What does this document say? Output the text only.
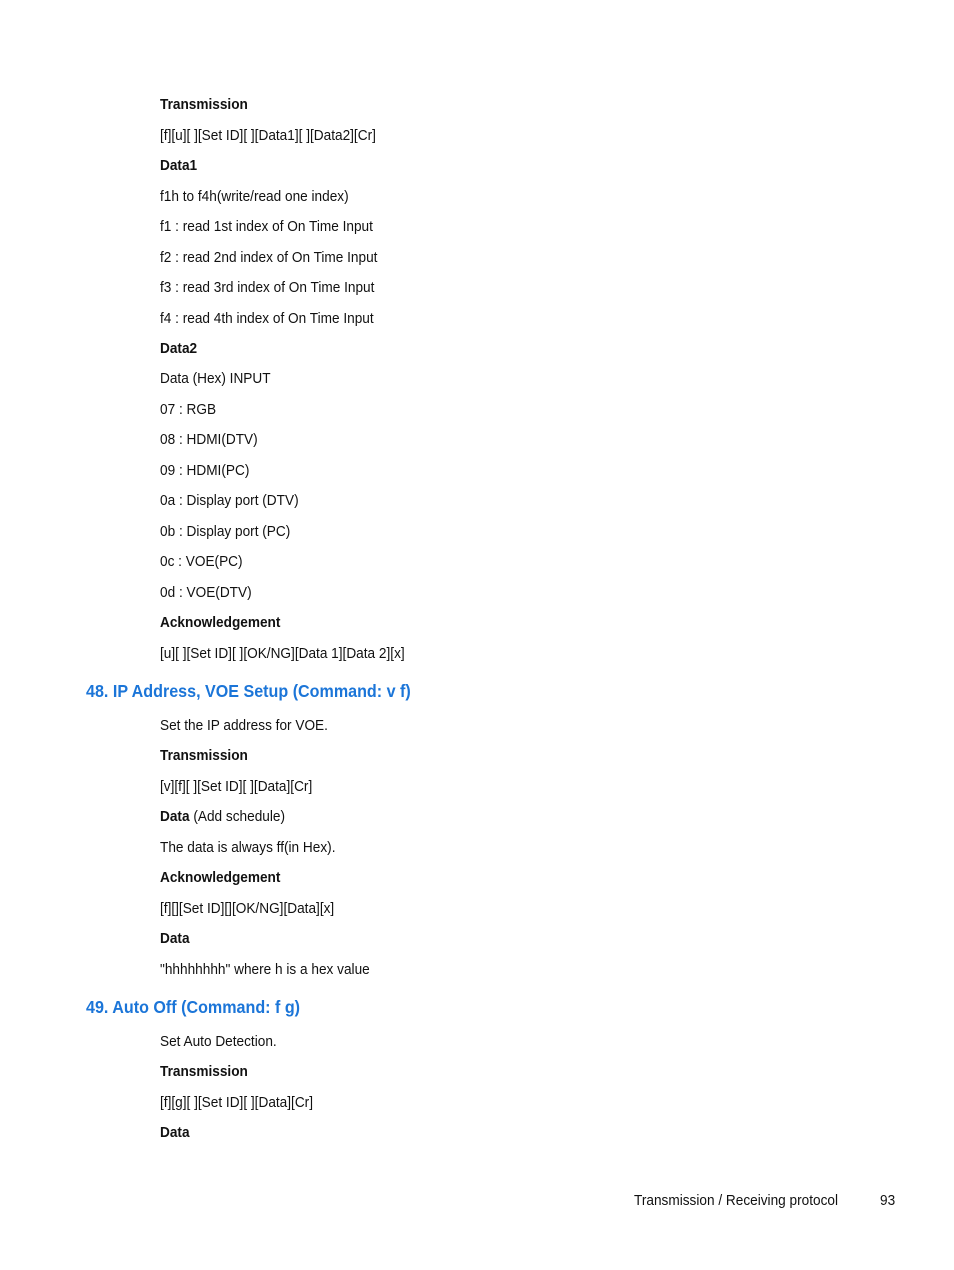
Transmission
[f][u][ ][Set ID][ ][Data1][ ][Data2][Cr]
Data1
f1h to f4h(write/read one index)
f1 : read 1st index of On Time Input
f2 : read 2nd index of On Time Input
f3 : read 3rd index of On Time Input
f4 : read 4th index of On Time Input
Data2
Data (Hex) INPUT
07 : RGB
08 : HDMI(DTV)
09 : HDMI(PC)
0a : Display port (DTV)
0b : Display port (PC)
0c : VOE(PC)
0d : VOE(DTV)
Acknowledgement
[u][ ][Set ID][ ][OK/NG][Data 1][Data 2][x]
48. IP Address, VOE Setup (Command: v f)
Set the IP address for VOE.
Transmission
[v][f][ ][Set ID][ ][Data][Cr]
Data (Add schedule)
The data is always ff(in Hex).
Acknowledgement
[f][][Set ID][][OK/NG][Data][x]
Data
"hhhhhhhh" where h is a hex value
49. Auto Off (Command: f g)
Set Auto Detection.
Transmission
[f][g][ ][Set ID][ ][Data][Cr]
Data
Transmission / Receiving protocol	93
